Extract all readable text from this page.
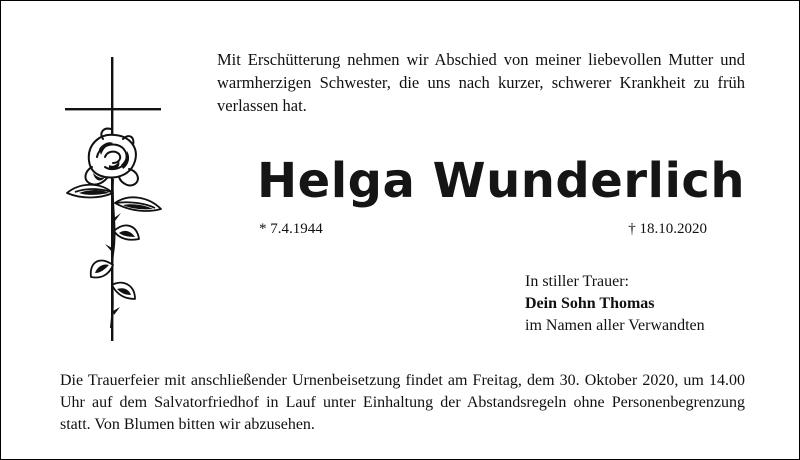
Mit Erschütterung nehmen wir Abschied von meiner liebevollen Mutter und warmherzigen Schwester, die uns nach kurzer, schwerer Krankheit zu früh verlassen hat.

Helga Wunderlich
* 7.4.1944	† 18.10.2020
In stiller Trauer:
Dein Sohn Thomas
im Namen aller Verwandten

Die Trauerfeier mit anschließender Urnenbeisetzung findet am Freitag, dem 30. Oktober 2020, um 14.00 Uhr auf dem Salvatorfriedhof in Lauf unter Einhaltung der Abstandsregeln ohne Personenbegrenzung statt. Von Blumen bitten wir abzusehen.
